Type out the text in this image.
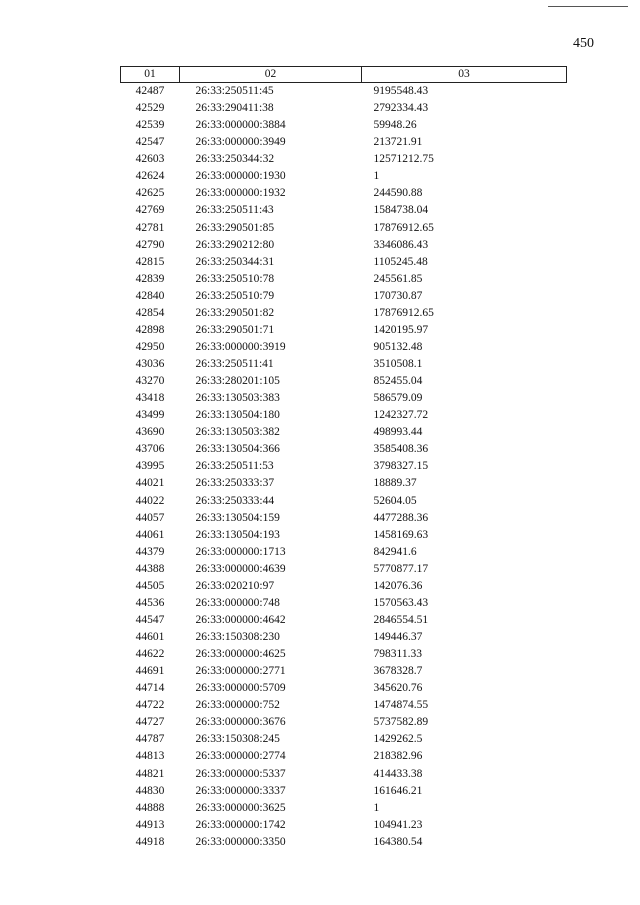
450
01	02	03
42487	26:33:250511:45	9195548.43
42529	26:33:290411:38	2792334.43
42539	26:33:000000:3884	59948.26
42547	26:33:000000:3949	213721.91
42603	26:33:250344:32	12571212.75
42624	26:33:000000:1930	1
42625	26:33:000000:1932	244590.88
42769	26:33:250511:43	1584738.04
42781	26:33:290501:85	17876912.65
42790	26:33:290212:80	3346086.43
42815	26:33:250344:31	1105245.48
42839	26:33:250510:78	245561.85
42840	26:33:250510:79	170730.87
42854	26:33:290501:82	17876912.65
42898	26:33:290501:71	1420195.97
42950	26:33:000000:3919	905132.48
43036	26:33:250511:41	3510508.1
43270	26:33:280201:105	852455.04
43418	26:33:130503:383	586579.09
43499	26:33:130504:180	1242327.72
43690	26:33:130503:382	498993.44
43706	26:33:130504:366	3585408.36
43995	26:33:250511:53	3798327.15
44021	26:33:250333:37	18889.37
44022	26:33:250333:44	52604.05
44057	26:33:130504:159	4477288.36
44061	26:33:130504:193	1458169.63
44379	26:33:000000:1713	842941.6
44388	26:33:000000:4639	5770877.17
44505	26:33:020210:97	142076.36
44536	26:33:000000:748	1570563.43
44547	26:33:000000:4642	2846554.51
44601	26:33:150308:230	149446.37
44622	26:33:000000:4625	798311.33
44691	26:33:000000:2771	3678328.7
44714	26:33:000000:5709	345620.76
44722	26:33:000000:752	1474874.55
44727	26:33:000000:3676	5737582.89
44787	26:33:150308:245	1429262.5
44813	26:33:000000:2774	218382.96
44821	26:33:000000:5337	414433.38
44830	26:33:000000:3337	161646.21
44888	26:33:000000:3625	1
44913	26:33:000000:1742	104941.23
44918	26:33:000000:3350	164380.54
